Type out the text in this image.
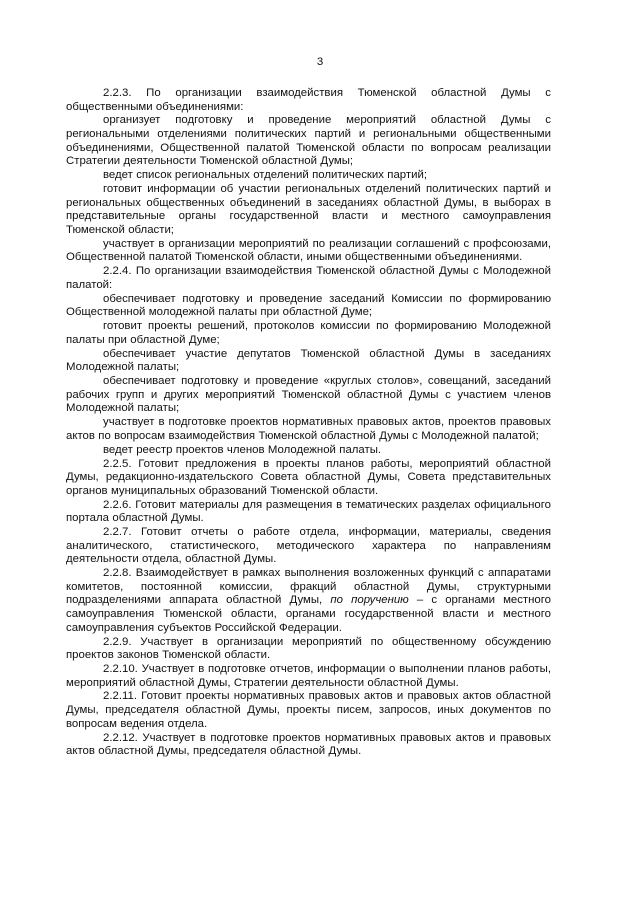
3

2.2.3. По организации взаимодействия Тюменской областной Думы с общественными объединениями:

организует подготовку и проведение мероприятий областной Думы с региональными отделениями политических партий и региональными общественными объединениями, Общественной палатой Тюменской области по вопросам реализации Стратегии деятельности Тюменской областной Думы;

ведет список региональных отделений политических партий;

готовит информации об участии региональных отделений политических партий и региональных общественных объединений в заседаниях областной Думы, в выборах в представительные органы государственной власти и местного самоуправления Тюменской области;

участвует в организации мероприятий по реализации соглашений с профсоюзами, Общественной палатой Тюменской области, иными общественными объединениями.

2.2.4. По организации взаимодействия Тюменской областной Думы с Молодежной палатой:

обеспечивает подготовку и проведение заседаний Комиссии по формированию Общественной молодежной палаты при областной Думе;

готовит проекты решений, протоколов комиссии по формированию Молодежной палаты при областной Думе;

обеспечивает участие депутатов Тюменской областной Думы в заседаниях Молодежной палаты;

обеспечивает подготовку и проведение «круглых столов», совещаний, заседаний рабочих групп и других мероприятий Тюменской областной Думы с участием членов Молодежной палаты;

участвует в подготовке проектов нормативных правовых актов, проектов правовых актов по вопросам взаимодействия Тюменской областной Думы с Молодежной палатой;

ведет реестр проектов членов Молодежной палаты.

2.2.5. Готовит предложения в проекты планов работы, мероприятий областной Думы, редакционно-издательского Совета областной Думы, Совета представительных органов муниципальных образований Тюменской области.

2.2.6. Готовит материалы для размещения в тематических разделах официального портала областной Думы.

2.2.7. Готовит отчеты о работе отдела, информации, материалы, сведения аналитического, статистического, методического характера по направлениям деятельности отдела, областной Думы.

2.2.8. Взаимодействует в рамках выполнения возложенных функций с аппаратами комитетов, постоянной комиссии, фракций областной Думы, структурными подразделениями аппарата областной Думы, по поручению – с органами местного самоуправления Тюменской области, органами государственной власти и местного самоуправления субъектов Российской Федерации.

2.2.9. Участвует в организации мероприятий по общественному обсуждению проектов законов Тюменской области.

2.2.10. Участвует в подготовке отчетов, информации о выполнении планов работы, мероприятий областной Думы, Стратегии деятельности областной Думы.

2.2.11. Готовит проекты нормативных правовых актов и правовых актов областной Думы, председателя областной Думы, проекты писем, запросов, иных документов по вопросам ведения отдела.

2.2.12. Участвует в подготовке проектов нормативных правовых актов и правовых актов областной Думы, председателя областной Думы.
